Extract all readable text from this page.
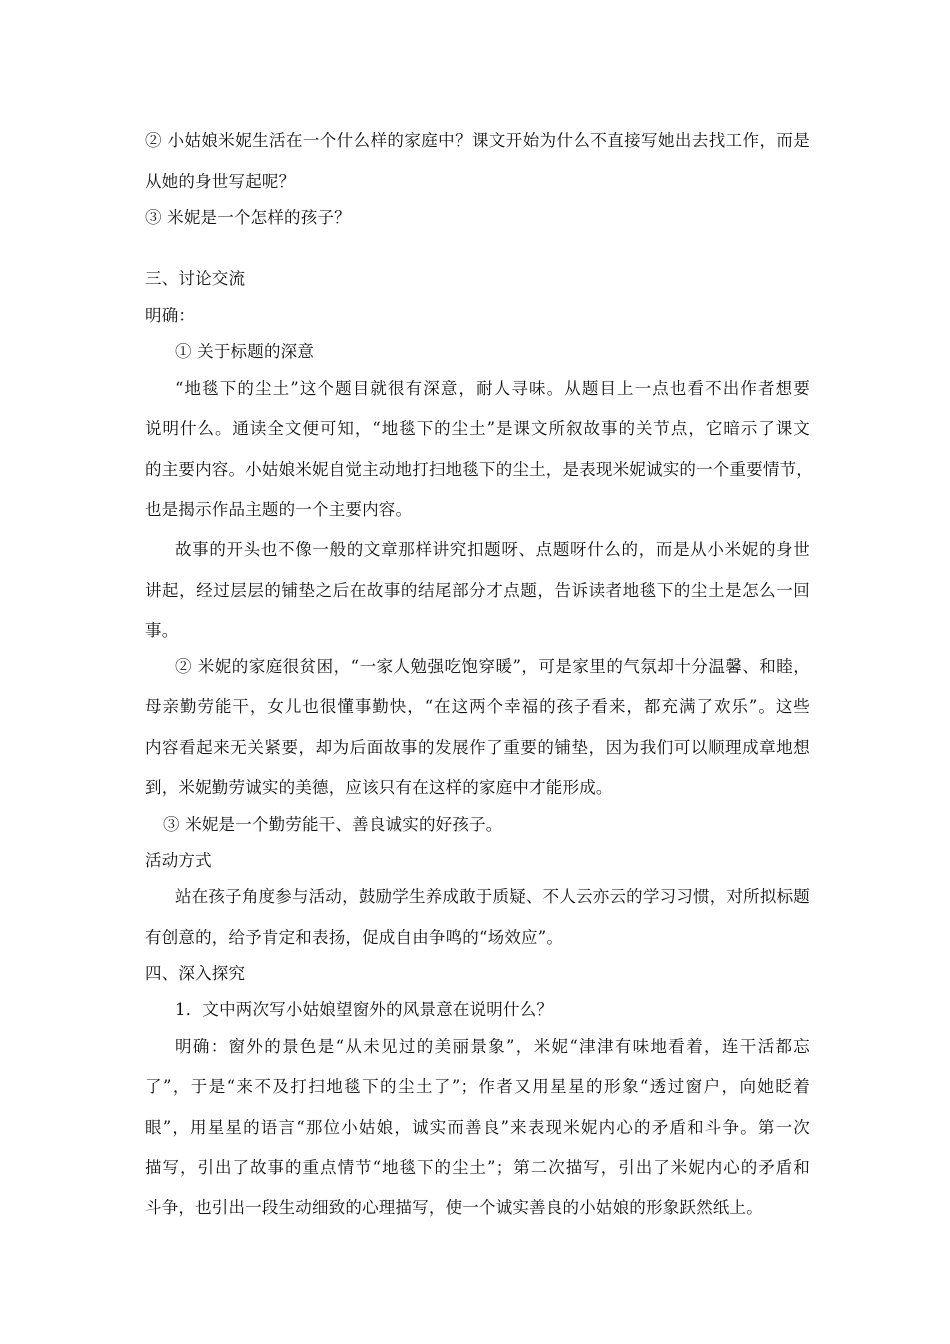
② 小姑娘米妮生活在一个什么样的家庭中？课文开始为什么不直接写她出去找工作，而是
从她的身世写起呢？
③ 米妮是一个怎样的孩子？
三、讨论交流
明确：
① 关于标题的深意
“地毯下的尘土”这个题目就很有深意，耐人寻味。从题目上一点也看不出作者想要
说明什么。通读全文便可知，“地毯下的尘土”是课文所叙故事的关节点，它暗示了课文
的主要内容。小姑娘米妮自觉主动地打扫地毯下的尘土，是表现米妮诚实的一个重要情节，
也是揭示作品主题的一个主要内容。
故事的开头也不像一般的文章那样讲究扣题呀、点题呀什么的，而是从小米妮的身世
讲起，经过层层的铺垫之后在故事的结尾部分才点题，告诉读者地毯下的尘土是怎么一回
事。
② 米妮的家庭很贫困，“一家人勉强吃饱穿暖”，可是家里的气氛却十分温馨、和睦，
母亲勤劳能干，女儿也很懂事勤快，“在这两个幸福的孩子看来，都充满了欢乐”。这些
内容看起来无关紧要，却为后面故事的发展作了重要的铺垫，因为我们可以顺理成章地想
到，米妮勤劳诚实的美德，应该只有在这样的家庭中才能形成。
③ 米妮是一个勤劳能干、善良诚实的好孩子。
活动方式
站在孩子角度参与活动，鼓励学生养成敢于质疑、不人云亦云的学习习惯，对所拟标题
有创意的，给予肯定和表扬，促成自由争鸣的“场效应”。
四、深入探究
1．文中两次写小姑娘望窗外的风景意在说明什么？
明确：窗外的景色是“从未见过的美丽景象”，米妮“津津有味地看着，连干活都忘
了”，于是“来不及打扫地毯下的尘土了”；作者又用星星的形象“透过窗户，向她眨着
眼”，用星星的语言“那位小姑娘，诚实而善良”来表现米妮内心的矛盾和斗争。第一次
描写，引出了故事的重点情节“地毯下的尘土”；第二次描写，引出了米妮内心的矛盾和
斗争，也引出一段生动细致的心理描写，使一个诚实善良的小姑娘的形象跃然纸上。
